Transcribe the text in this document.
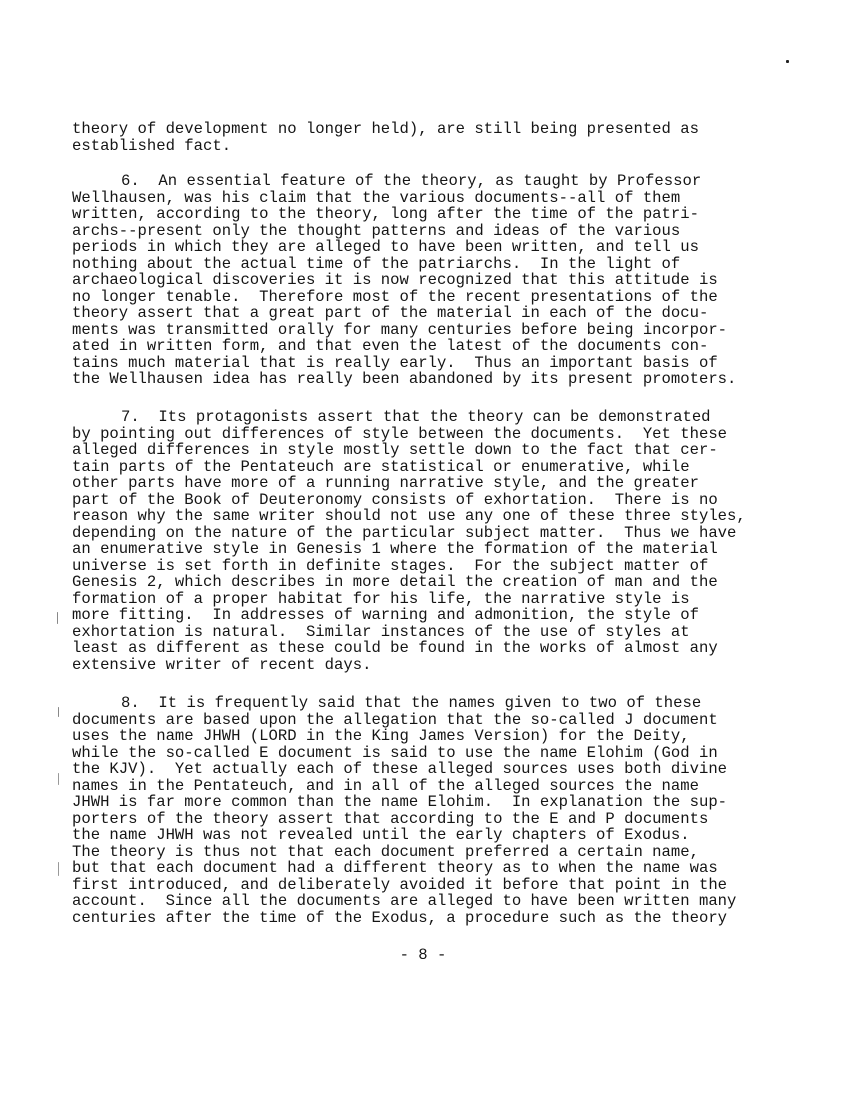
theory of development no longer held), are still being presented as
established fact.
6.  An essential feature of the theory, as taught by Professor
Wellhausen, was his claim that the various documents--all of them
written, according to the theory, long after the time of the patri-
archs--present only the thought patterns and ideas of the various
periods in which they are alleged to have been written, and tell us
nothing about the actual time of the patriarchs.  In the light of
archaeological discoveries it is now recognized that this attitude is
no longer tenable.  Therefore most of the recent presentations of the
theory assert that a great part of the material in each of the docu-
ments was transmitted orally for many centuries before being incorpor-
ated in written form, and that even the latest of the documents con-
tains much material that is really early.  Thus an important basis of
the Wellhausen idea has really been abandoned by its present promoters.
7.  Its protagonists assert that the theory can be demonstrated
by pointing out differences of style between the documents.  Yet these
alleged differences in style mostly settle down to the fact that cer-
tain parts of the Pentateuch are statistical or enumerative, while
other parts have more of a running narrative style, and the greater
part of the Book of Deuteronomy consists of exhortation.  There is no
reason why the same writer should not use any one of these three styles,
depending on the nature of the particular subject matter.  Thus we have
an enumerative style in Genesis 1 where the formation of the material
universe is set forth in definite stages.  For the subject matter of
Genesis 2, which describes in more detail the creation of man and the
formation of a proper habitat for his life, the narrative style is
more fitting.  In addresses of warning and admonition, the style of
exhortation is natural.  Similar instances of the use of styles at
least as different as these could be found in the works of almost any
extensive writer of recent days.
8.  It is frequently said that the names given to two of these
documents are based upon the allegation that the so-called J document
uses the name JHWH (LORD in the King James Version) for the Deity,
while the so-called E document is said to use the name Elohim (God in
the KJV).  Yet actually each of these alleged sources uses both divine
names in the Pentateuch, and in all of the alleged sources the name
JHWH is far more common than the name Elohim.  In explanation the sup-
porters of the theory assert that according to the E and P documents
the name JHWH was not revealed until the early chapters of Exodus.
The theory is thus not that each document preferred a certain name,
but that each document had a different theory as to when the name was
first introduced, and deliberately avoided it before that point in the
account.  Since all the documents are alleged to have been written many
centuries after the time of the Exodus, a procedure such as the theory
- 8 -
